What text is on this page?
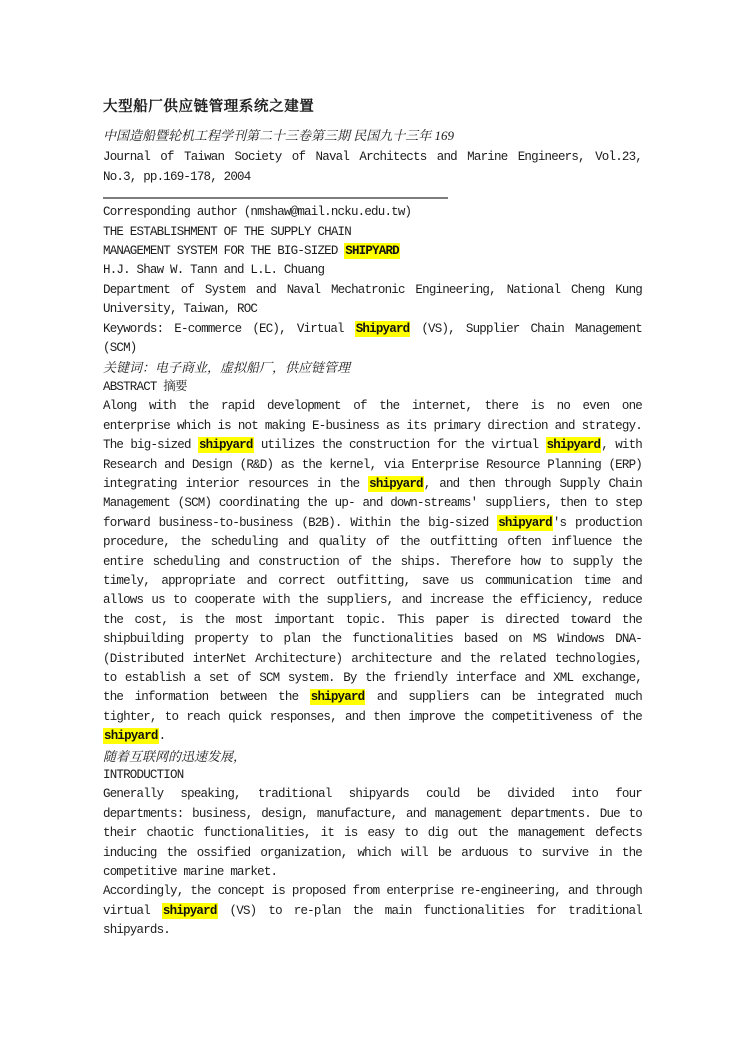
大型船厂供应链管理系统之建置

中国造船暨轮机工程学刊第二十三卷第三期 民国九十三年 169

Journal of Taiwan Society of Naval Architects and Marine Engineers, Vol.23, No.3, pp.169-178, 2004

Corresponding author (nmshaw@mail.ncku.edu.tw)

THE ESTABLISHMENT OF THE SUPPLY CHAIN

MANAGEMENT SYSTEM FOR THE BIG-SIZED SHIPYARD

H.J. Shaw W. Tann and L.L. Chuang

Department of System and Naval Mechatronic Engineering, National Cheng Kung University, Taiwan, ROC

Keywords: E-commerce (EC), Virtual Shipyard (VS), Supplier Chain Management (SCM)

关键词：电子商业，虚拟船厂，供应链管理

ABSTRACT 摘要

Along with the rapid development of the internet, there is no even one enterprise which is not making E-business as its primary direction and strategy. The big-sized shipyard utilizes the construction for the virtual shipyard, with Research and Design (R&D) as the kernel, via Enterprise Resource Planning (ERP) integrating interior resources in the shipyard, and then through Supply Chain Management (SCM) coordinating the up- and down-streams' suppliers, then to step forward business-to-business (B2B). Within the big-sized shipyard's production procedure, the scheduling and quality of the outfitting often influence the entire scheduling and construction of the ships. Therefore how to supply the timely, appropriate and correct outfitting, save us communication time and allows us to cooperate with the suppliers, and increase the efficiency, reduce the cost, is the most important topic. This paper is directed toward the shipbuilding property to plan the functionalities based on MS Windows DNA-(Distributed interNet Architecture) architecture and the related technologies, to establish a set of SCM system. By the friendly interface and XML exchange, the information between the shipyard and suppliers can be integrated much tighter, to reach quick responses, and then improve the competitiveness of the shipyard.

随着互联网的迅速发展，

INTRODUCTION

Generally speaking, traditional shipyards could be divided into four departments: business, design, manufacture, and management departments. Due to their chaotic functionalities, it is easy to dig out the management defects inducing the ossified organization, which will be arduous to survive in the competitive marine market.

Accordingly, the concept is proposed from enterprise re-engineering, and through virtual shipyard (VS) to re-plan the main functionalities for traditional shipyards.
